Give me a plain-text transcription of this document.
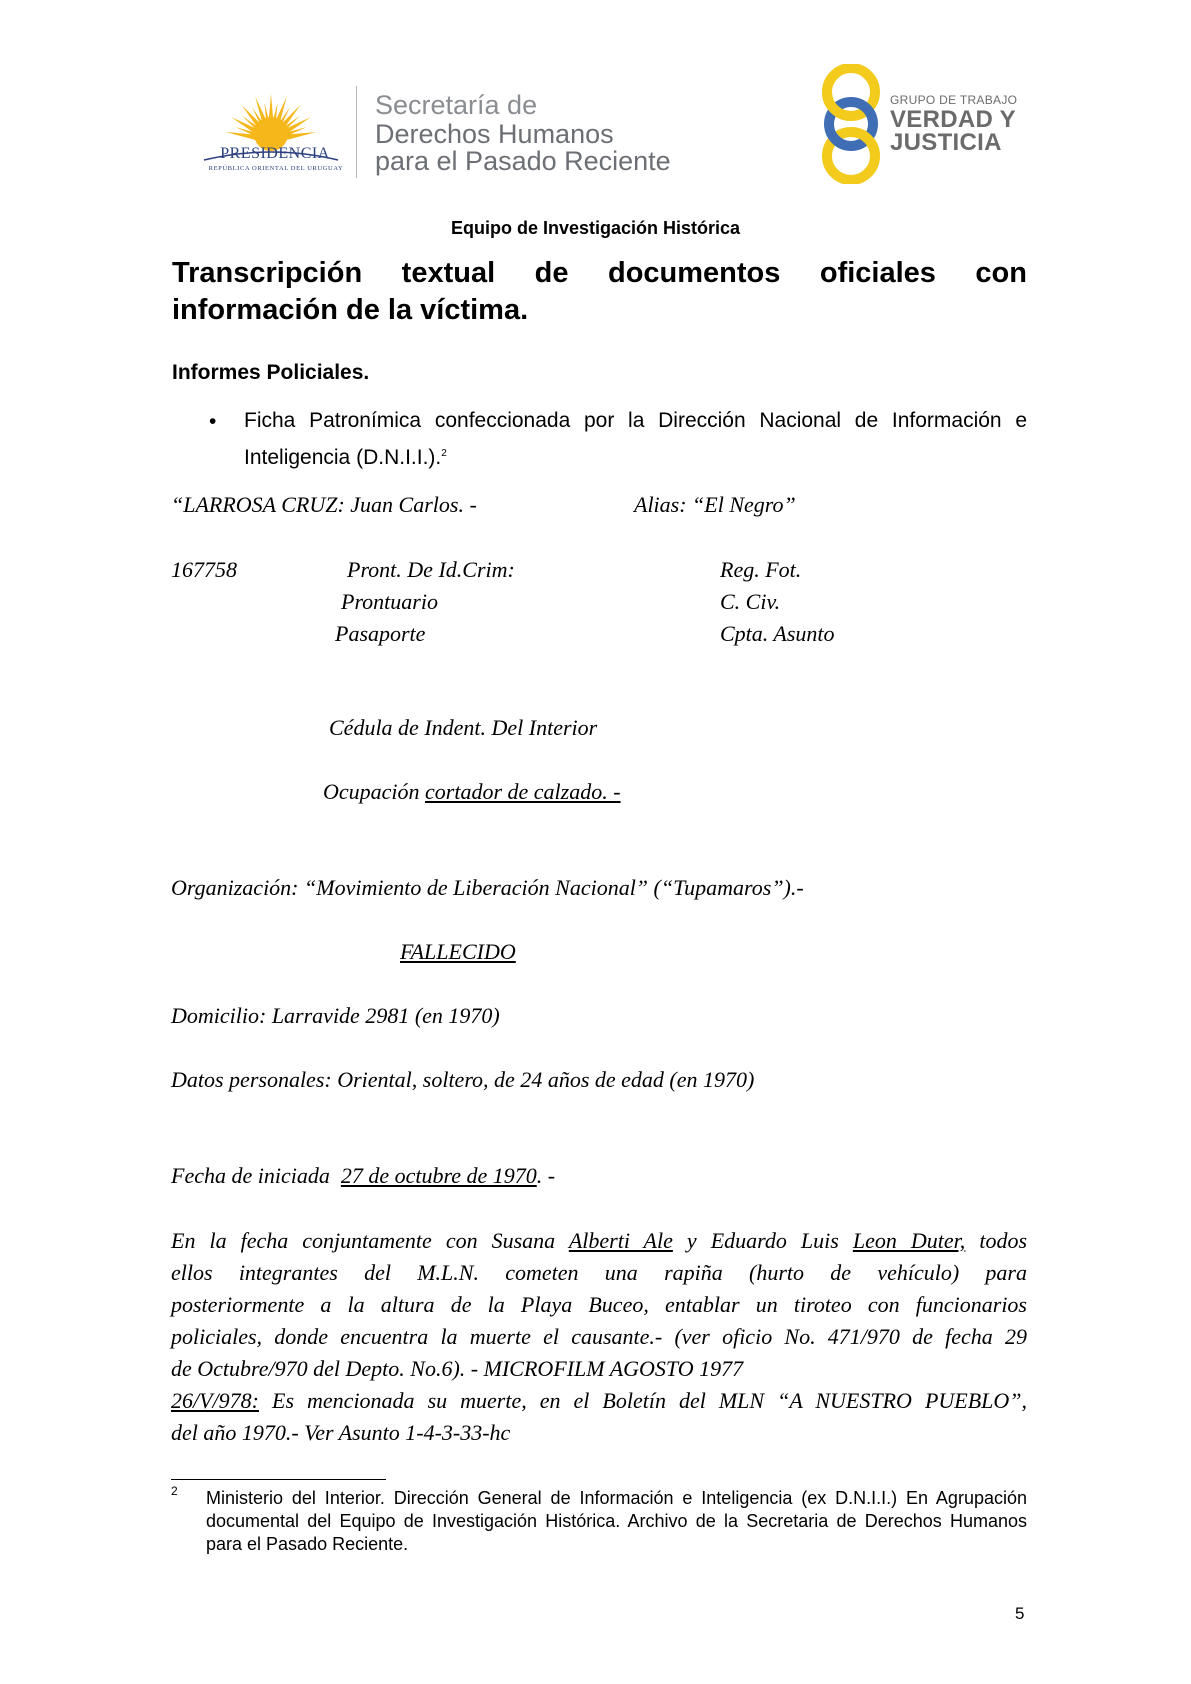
PRESIDENCIA
REPÚBLICA ORIENTAL DEL URUGUAY
Secretaría de
Derechos Humanos
para el Pasado Reciente
GRUPO DE TRABAJO
VERDAD Y
JUSTICIA
Equipo de Investigación Histórica
Transcripción textual de documentos oficiales con información de la víctima.
Informes Policiales.
• Ficha Patronímica confeccionada por la Dirección Nacional de Información e Inteligencia (D.N.I.I.).$^2$
“LARROSA CRUZ: Juan Carlos. -	Alias: “El Negro”
167758	Pront. De Id.Crim:
Prontuario
Pasaporte
Reg. Fot.
C. Civ.
Cpta. Asunto
Cédula de Indent. Del Interior
Ocupación cortador de calzado. -
Organización: “Movimiento de Liberación Nacional” (“Tupamaros”).-
FALLECIDO
Domicilio: Larravide 2981 (en 1970)
Datos personales: Oriental, soltero, de 24 años de edad (en 1970)
Fecha de iniciada 27 de octubre de 1970. -
En la fecha conjuntamente con Susana Alberti Ale y Eduardo Luis Leon Duter, todos
ellos integrantes del M.L.N. cometen una rapiña (hurto de vehículo) para
posteriormente a la altura de la Playa Buceo, entablar un tiroteo con funcionarios
policiales, donde encuentra la muerte el causante.- (ver oficio No. 471/970 de fecha 29
de Octubre/970 del Depto. No.6). - MICROFILM AGOSTO 1977
26/V/978: Es mencionada su muerte, en el Boletín del MLN “A NUESTRO PUEBLO”,
del año 1970.- Ver Asunto 1-4-3-33-hc
2 Ministerio del Interior. Dirección General de Información e Inteligencia (ex D.N.I.I.) En Agrupación documental del Equipo de Investigación Histórica. Archivo de la Secretaria de Derechos Humanos para el Pasado Reciente.
5
